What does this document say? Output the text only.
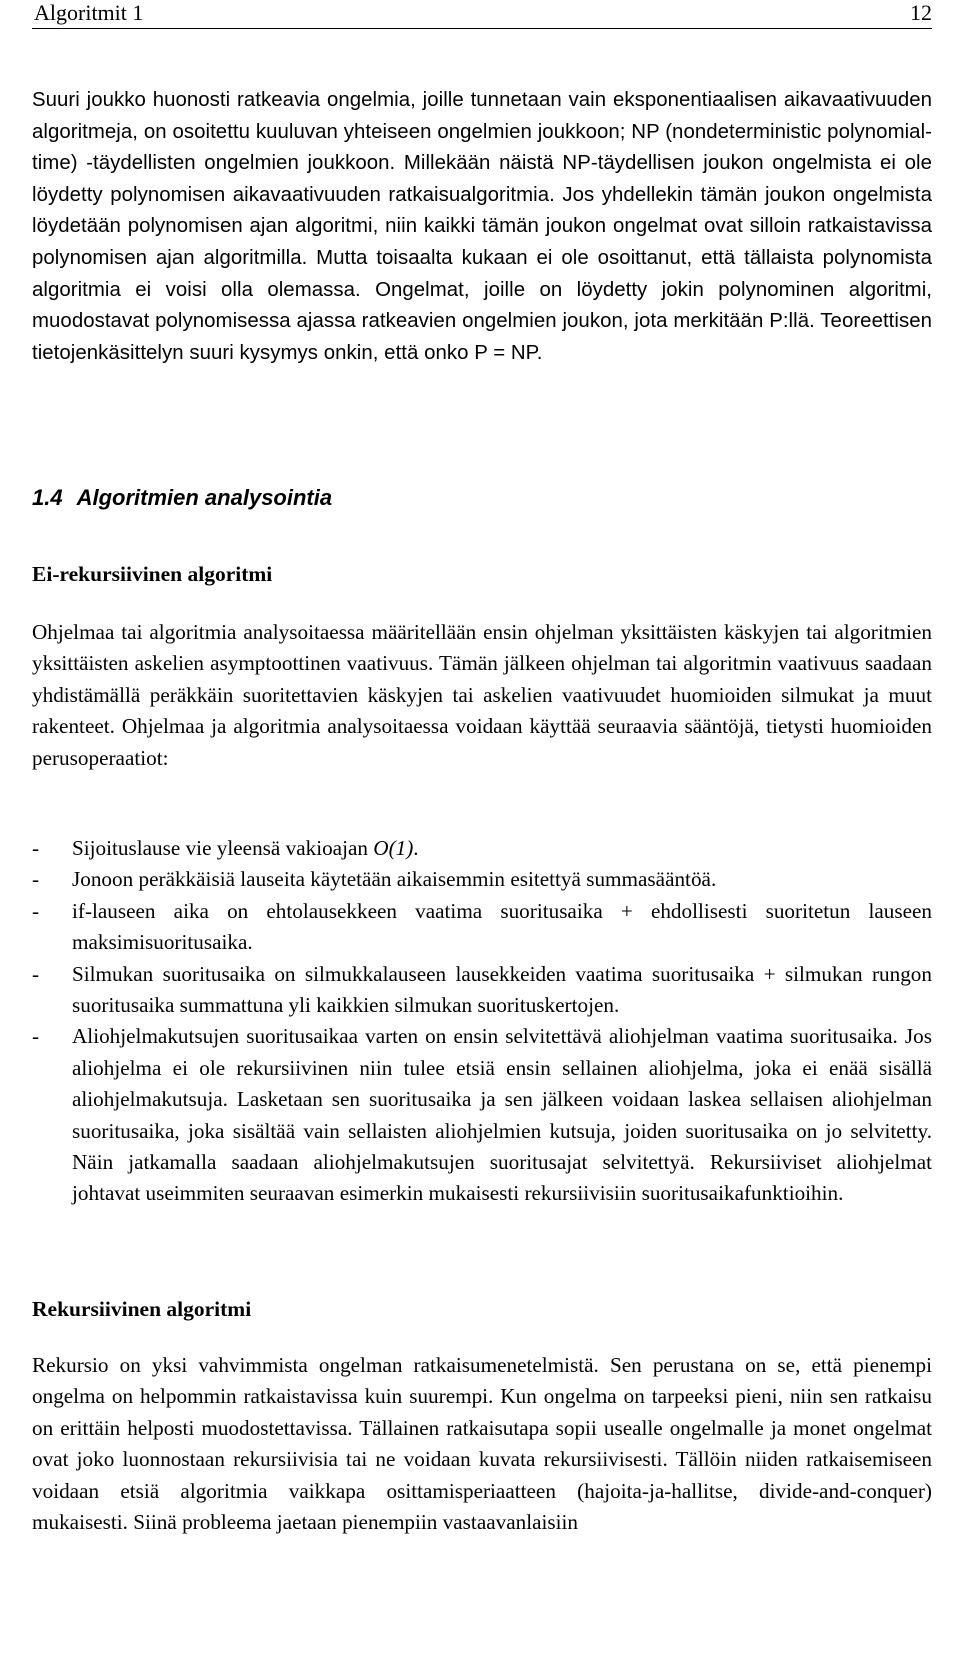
Algoritmit 1	12
Suuri joukko huonosti ratkeavia ongelmia, joille tunnetaan vain eksponentiaalisen aikavaativuuden algoritmeja, on osoitettu kuuluvan yhteiseen ongelmien joukkoon; NP (nondeterministic polynomial-time) -täydellisten ongelmien joukkoon. Millekään näistä NP-täydellisen joukon ongelmista ei ole löydetty polynomisen aikavaativuuden ratkaisualgoritmia. Jos yhdellekin tämän joukon ongelmista löydetään polynomisen ajan algoritmi, niin kaikki tämän joukon ongelmat ovat silloin ratkaistavissa polynomisen ajan algoritmilla. Mutta toisaalta kukaan ei ole osoittanut, että tällaista polynomista algoritmia ei voisi olla olemassa. Ongelmat, joille on löydetty jokin polynominen algoritmi, muodostavat polynomisessa ajassa ratkeavien ongelmien joukon, jota merkitään P:llä. Teoreettisen tietojenkäsittelyn suuri kysymys onkin, että onko P = NP.
1.4 Algoritmien analysointia
Ei-rekursiivinen algoritmi
Ohjelmaa tai algoritmia analysoitaessa määritellään ensin ohjelman yksittäisten käskyjen tai algoritmien yksittäisten askelien asymptoottinen vaativuus. Tämän jälkeen ohjelman tai algoritmin vaativuus saadaan yhdistämällä peräkkäin suoritettavien käskyjen tai askelien vaativuudet huomioiden silmukat ja muut rakenteet. Ohjelmaa ja algoritmia analysoitaessa voidaan käyttää seuraavia sääntöjä, tietysti huomioiden perusoperaatiot:
- Sijoituslause vie yleensä vakioajan O(1).
- Jonoon peräkkäisiä lauseita käytetään aikaisemmin esitettyä summasääntöä.
- if-lauseen aika on ehtolausekkeen vaatima suoritusaika + ehdollisesti suoritetun lauseen maksimisuoritusaika.
- Silmukan suoritusaika on silmukkalauseen lausekkeiden vaatima suoritusaika + silmukan rungon suoritusaika summattuna yli kaikkien silmukan suorituskertojen.
- Aliohjelmakutsujen suoritusaikaa varten on ensin selvitettävä aliohjelman vaatima suoritusaika. Jos aliohjelma ei ole rekursiivinen niin tulee etsiä ensin sellainen aliohjelma, joka ei enää sisällä aliohjelmakutsuja. Lasketaan sen suoritusaika ja sen jälkeen voidaan laskea sellaisen aliohjelman suoritusaika, joka sisältää vain sellaisten aliohjelmien kutsuja, joiden suoritusaika on jo selvitetty. Näin jatkamalla saadaan aliohjelmakutsujen suoritusajat selvitettyä. Rekursiiviset aliohjelmat johtavat useimmiten seuraavan esimerkin mukaisesti rekursiivisiin suoritusaikafunktioihin.
Rekursiivinen algoritmi
Rekursio on yksi vahvimmista ongelman ratkaisumenetelmistä. Sen perustana on se, että pienempi ongelma on helpommin ratkaistavissa kuin suurempi. Kun ongelma on tarpeeksi pieni, niin sen ratkaisu on erittäin helposti muodostettavissa. Tällainen ratkaisutapa sopii usealle ongelmalle ja monet ongelmat ovat joko luonnostaan rekursiivisia tai ne voidaan kuvata rekursiivisesti. Tällöin niiden ratkaisemiseen voidaan etsiä algoritmia vaikkapa osittamisperiaatteen (hajoita-ja-hallitse, divide-and-conquer) mukaisesti. Siinä probleema jaetaan pienempiin vastaavanlaisiin
